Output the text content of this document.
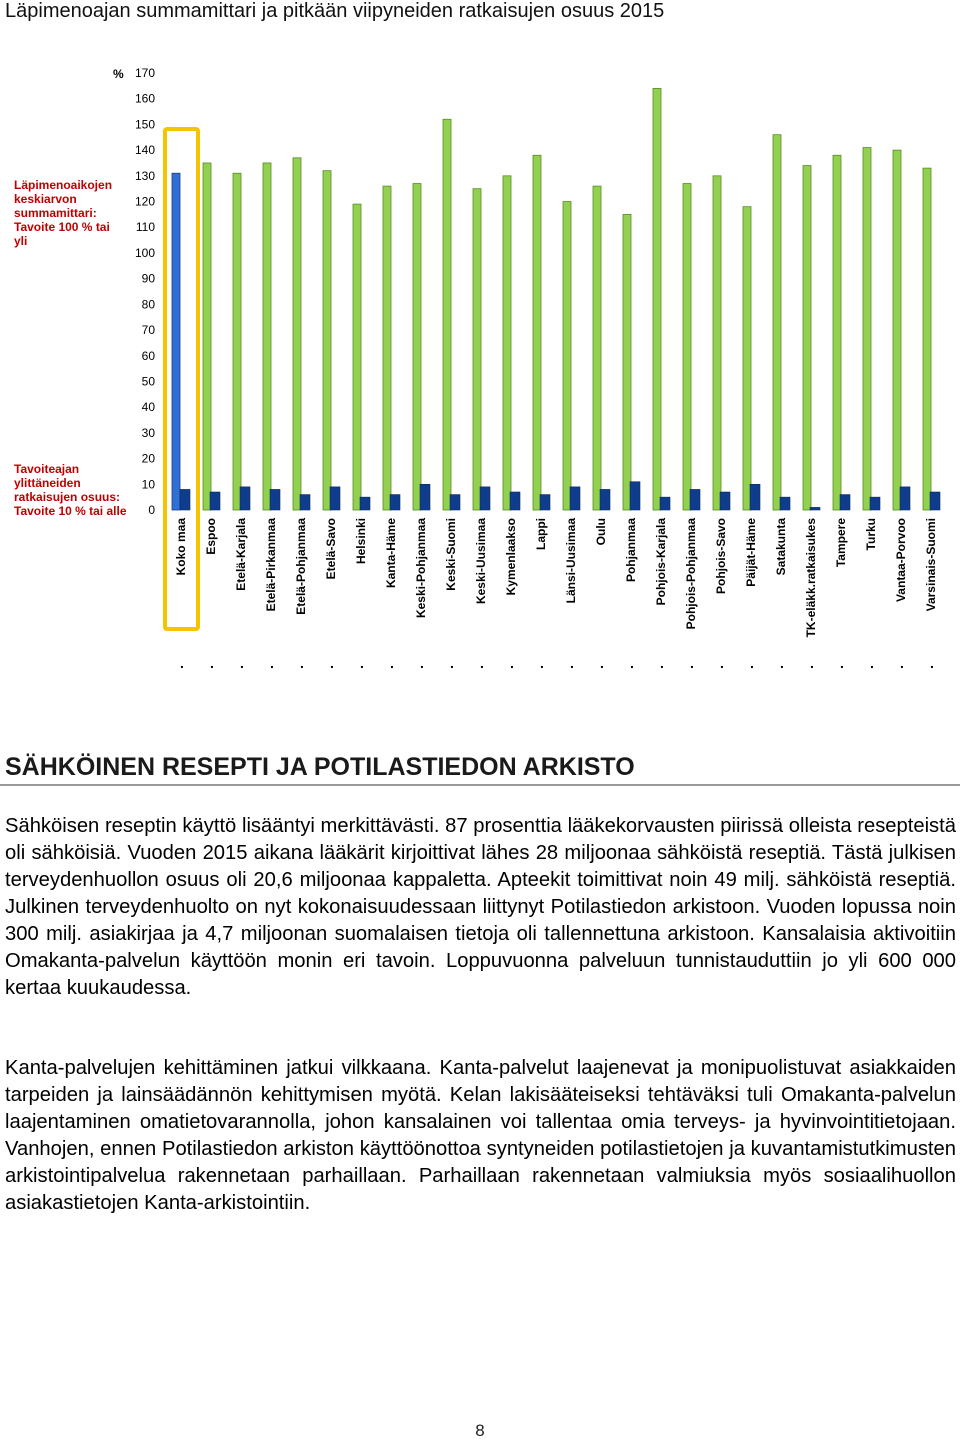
Läpimenoajan summamittari ja pitkään viipyneiden ratkaisujen osuus 2015
%
0
10
20
30
40
50
60
70
80
90
100
110
120
130
140
150
160
170
Koko maa
.
Espoo
.
Etelä-Karjala
.
Etelä-Pirkanmaa
.
Etelä-Pohjanmaa
.
Etelä-Savo
.
Helsinki
.
Kanta-Häme
.
Keski-Pohjanmaa
.
Keski-Suomi
.
Keski-Uusimaa
.
Kymenlaakso
.
Lappi
.
Länsi-Uusimaa
.
Oulu
.
Pohjanmaa
.
Pohjois-Karjala
.
Pohjois-Pohjanmaa
.
Pohjois-Savo
.
Päijät-Häme
.
Satakunta
.
TK-eläkk.ratkaisukes
.
Tampere
.
Turku
.
Vantaa-Porvoo
.
Varsinais-Suomi
.
Läpimenoaikojen keskiarvon summamittari: Tavoite 100 % tai yli
Tavoiteajan ylittäneiden ratkaisujen osuus: Tavoite 10 % tai alle
SÄHKÖINEN RESEPTI JA POTILASTIEDON ARKISTO

Sähköisen reseptin käyttö lisääntyi merkittävästi. 87 prosenttia lääkekorvausten piirissä olleista resepteistä oli sähköisiä. Vuoden 2015 aikana lääkärit kirjoittivat lähes 28 miljoonaa sähköistä reseptiä. Tästä julkisen terveydenhuollon osuus oli 20,6 miljoonaa kappaletta. Apteekit toimittivat noin 49 milj. sähköistä reseptiä. Julkinen terveydenhuolto on nyt kokonaisuudessaan liittynyt Potilastiedon arkistoon. Vuoden lopussa noin 300 milj. asiakirjaa ja 4,7 miljoonan suomalaisen tietoja oli tallennettuna arkistoon. Kansalaisia aktivoitiin Omakanta-palvelun käyttöön monin eri tavoin. Loppuvuonna palveluun tunnistauduttiin jo yli 600 000 kertaa kuukaudessa.

Kanta-palvelujen kehittäminen jatkui vilkkaana. Kanta-palvelut laajenevat ja monipuolistuvat asiakkaiden tarpeiden ja lainsäädännön kehittymisen myötä. Kelan lakisääteiseksi tehtäväksi tuli Omakanta-palvelun laajentaminen omatietovarannolla, johon kansalainen voi tallentaa omia terveys- ja hyvinvointitietojaan. Vanhojen, ennen Potilastiedon arkiston käyttöönottoa syntyneiden potilastietojen ja kuvantamistutkimusten arkistointipalvelua rakennetaan parhaillaan. Parhaillaan rakennetaan valmiuksia myös sosiaalihuollon asiakastietojen Kanta-arkistointiin.

8
